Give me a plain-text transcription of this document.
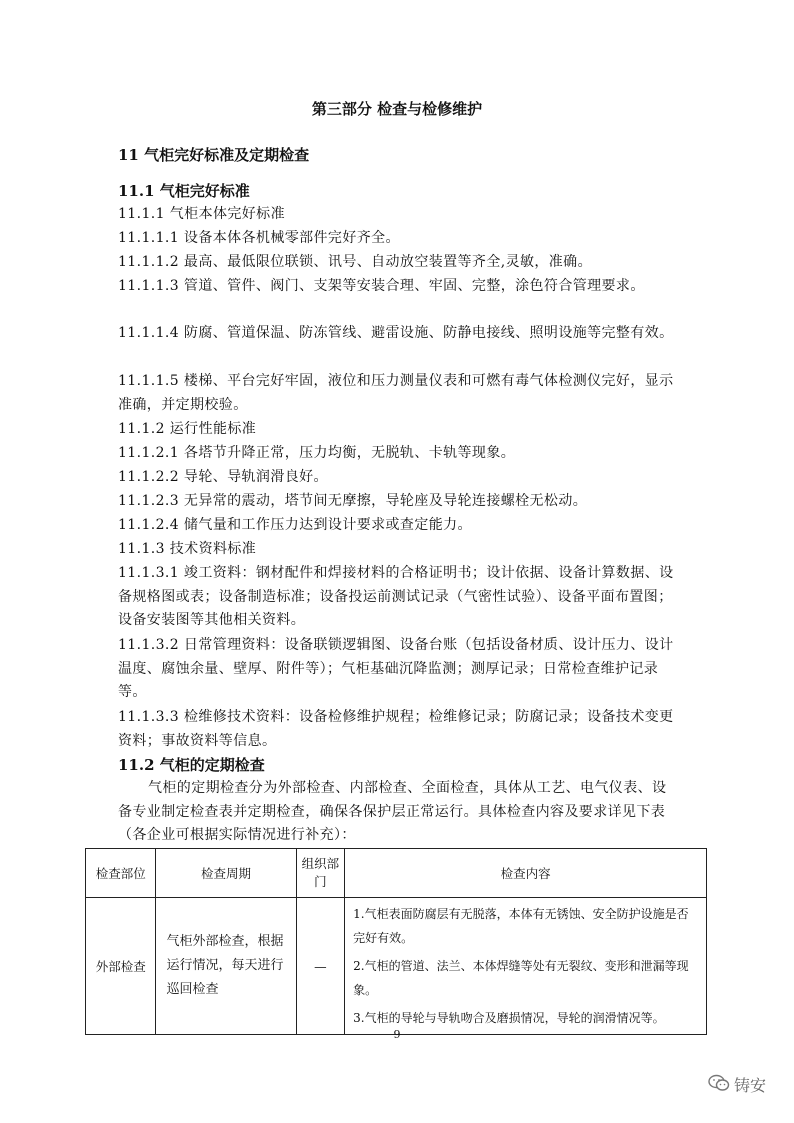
第三部分 检查与检修维护
11 气柜完好标准及定期检查
11.1 气柜完好标准
11.1.1 气柜本体完好标准
11.1.1.1 设备本体各机械零部件完好齐全。
11.1.1.2 最高、最低限位联锁、讯号、自动放空装置等齐全,灵敏，准确。
11.1.1.3 管道、管件、阀门、支架等安装合理、牢固、完整，涂色符合管理要求。
11.1.1.4 防腐、管道保温、防冻管线、避雷设施、防静电接线、照明设施等完整有效。
11.1.1.5 楼梯、平台完好牢固，液位和压力测量仪表和可燃有毒气体检测仪完好，显示准确，并定期校验。
11.1.2 运行性能标准
11.1.2.1 各塔节升降正常，压力均衡，无脱轨、卡轨等现象。
11.1.2.2 导轮、导轨润滑良好。
11.1.2.3 无异常的震动，塔节间无摩擦，导轮座及导轮连接螺栓无松动。
11.1.2.4 储气量和工作压力达到设计要求或查定能力。
11.1.3 技术资料标准
11.1.3.1 竣工资料：钢材配件和焊接材料的合格证明书；设计依据、设备计算数据、设备规格图或表；设备制造标准；设备投运前测试记录（气密性试验）、设备平面布置图；设备安装图等其他相关资料。
11.1.3.2 日常管理资料：设备联锁逻辑图、设备台账（包括设备材质、设计压力、设计温度、腐蚀余量、壁厚、附件等）；气柜基础沉降监测；测厚记录；日常检查维护记录等。
11.1.3.3 检维修技术资料：设备检修维护规程；检维修记录；防腐记录；设备技术变更资料；事故资料等信息。
11.2 气柜的定期检查
气柜的定期检查分为外部检查、内部检查、全面检查，具体从工艺、电气仪表、设备专业制定检查表并定期检查，确保各保护层正常运行。具体检查内容及要求详见下表（各企业可根据实际情况进行补充）：
检查部位	检查周期	组织部门	检查内容
外部检查	气柜外部检查，根据运行情况，每天进行巡回检查	—	1.气柜表面防腐层有无脱落，本体有无锈蚀、安全防护设施是否完好有效。
2.气柜的管道、法兰、本体焊缝等处有无裂纹、变形和泄漏等现象。
3.气柜的导轮与导轨吻合及磨损情况，导轮的润滑情况等。
9
铸安
